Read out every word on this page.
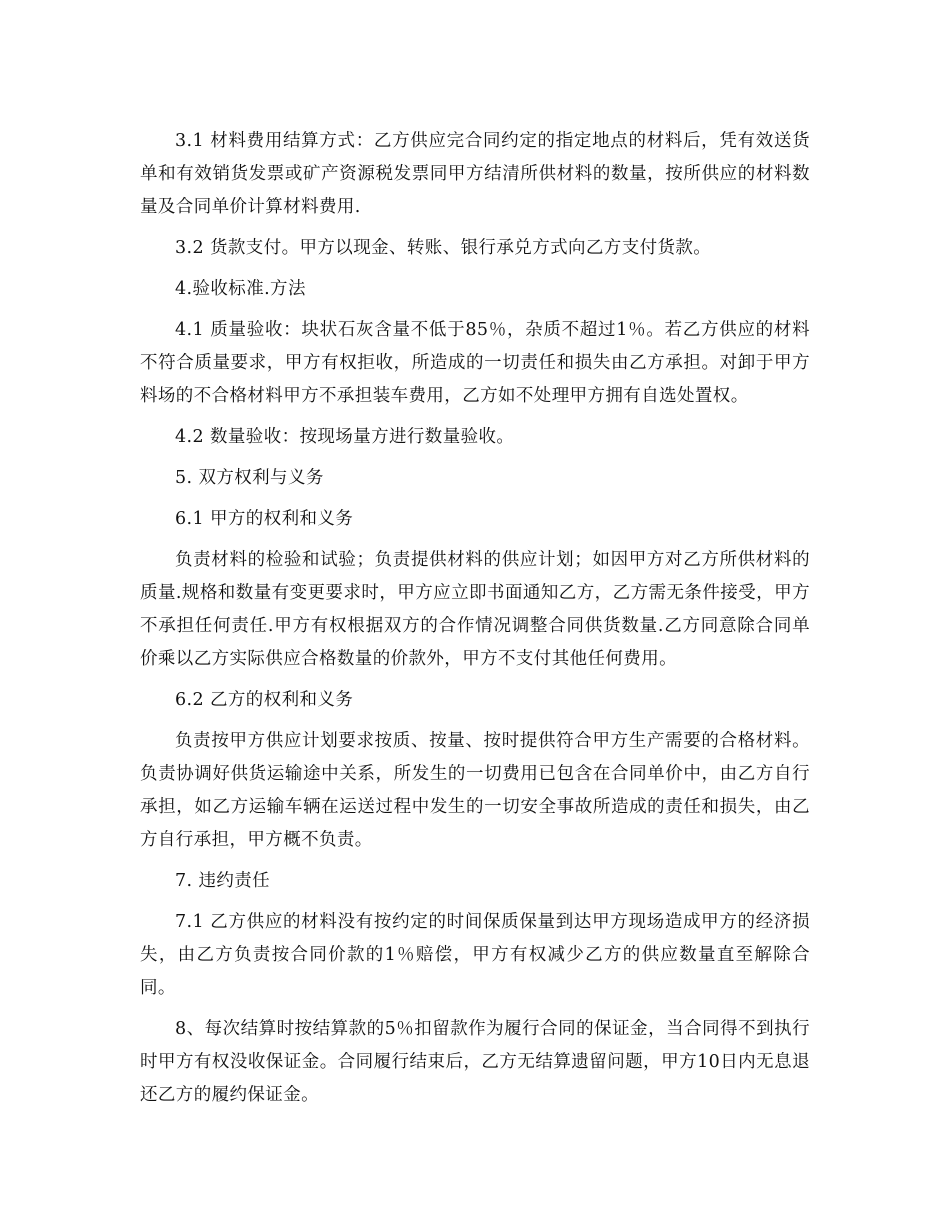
3.1 材料费用结算方式：乙方供应完合同约定的指定地点的材料后，凭有效送货单和有效销货发票或矿产资源税发票同甲方结清所供材料的数量，按所供应的材料数量及合同单价计算材料费用.

3.2 货款支付。甲方以现金、转账、银行承兑方式向乙方支付货款。

4.验收标准.方法

4.1 质量验收：块状石灰含量不低于85％，杂质不超过1％。若乙方供应的材料不符合质量要求，甲方有权拒收，所造成的一切责任和损失由乙方承担。对卸于甲方料场的不合格材料甲方不承担装车费用，乙方如不处理甲方拥有自选处置权。

4.2 数量验收：按现场量方进行数量验收。

5. 双方权利与义务

6.1 甲方的权利和义务

负责材料的检验和试验；负责提供材料的供应计划；如因甲方对乙方所供材料的质量.规格和数量有变更要求时，甲方应立即书面通知乙方，乙方需无条件接受，甲方不承担任何责任.甲方有权根据双方的合作情况调整合同供货数量.乙方同意除合同单价乘以乙方实际供应合格数量的价款外，甲方不支付其他任何费用。

6.2 乙方的权利和义务

负责按甲方供应计划要求按质、按量、按时提供符合甲方生产需要的合格材料。 负责协调好供货运输途中关系，所发生的一切费用已包含在合同单价中，由乙方自行承担，如乙方运输车辆在运送过程中发生的一切安全事故所造成的责任和损失，由乙方自行承担，甲方概不负责。

7. 违约责任

7.1 乙方供应的材料没有按约定的时间保质保量到达甲方现场造成甲方的经济损失，由乙方负责按合同价款的1％赔偿，甲方有权减少乙方的供应数量直至解除合同。

8、每次结算时按结算款的5％扣留款作为履行合同的保证金，当合同得不到执行时甲方有权没收保证金。合同履行结束后，乙方无结算遗留问题，甲方10日内无息退还乙方的履约保证金。
